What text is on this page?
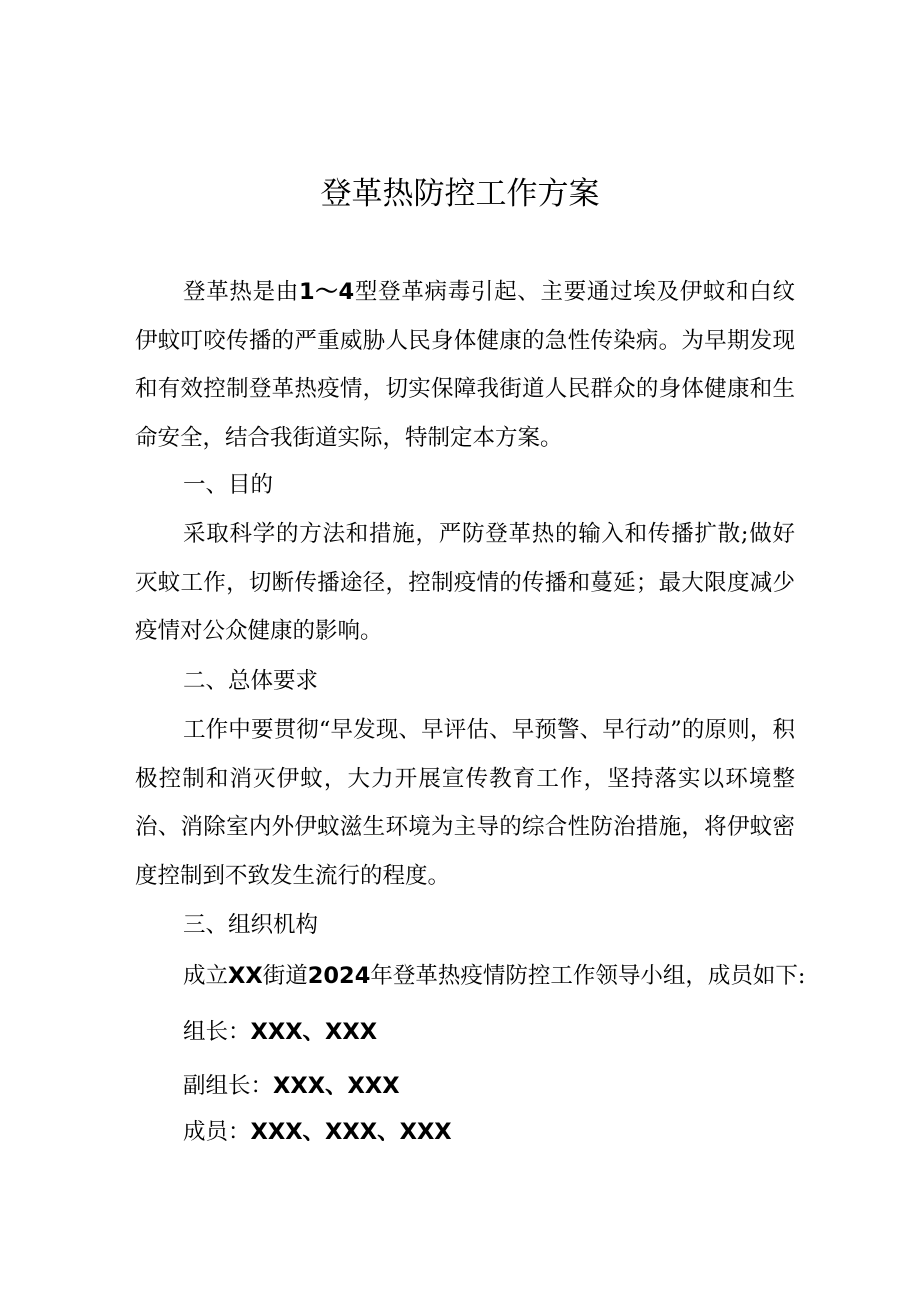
登革热防控工作方案
登革热是由1～4型登革病毒引起、主要通过埃及伊蚊和白纹伊蚊叮咬传播的严重威胁人民身体健康的急性传染病。为早期发现和有效控制登革热疫情，切实保障我街道人民群众的身体健康和生命安全，结合我街道实际，特制定本方案。
一、目的
采取科学的方法和措施，严防登革热的输入和传播扩散;做好灭蚊工作，切断传播途径，控制疫情的传播和蔓延；最大限度减少疫情对公众健康的影响。
二、总体要求
工作中要贯彻“早发现、早评估、早预警、早行动”的原则，积极控制和消灭伊蚊，大力开展宣传教育工作，坚持落实以环境整治、消除室内外伊蚊滋生环境为主导的综合性防治措施，将伊蚊密度控制到不致发生流行的程度。
三、组织机构
成立XX街道2024年登革热疫情防控工作领导小组，成员如下:
组长：XXX、XXX
副组长：XXX、XXX
成员：XXX、XXX、XXX
